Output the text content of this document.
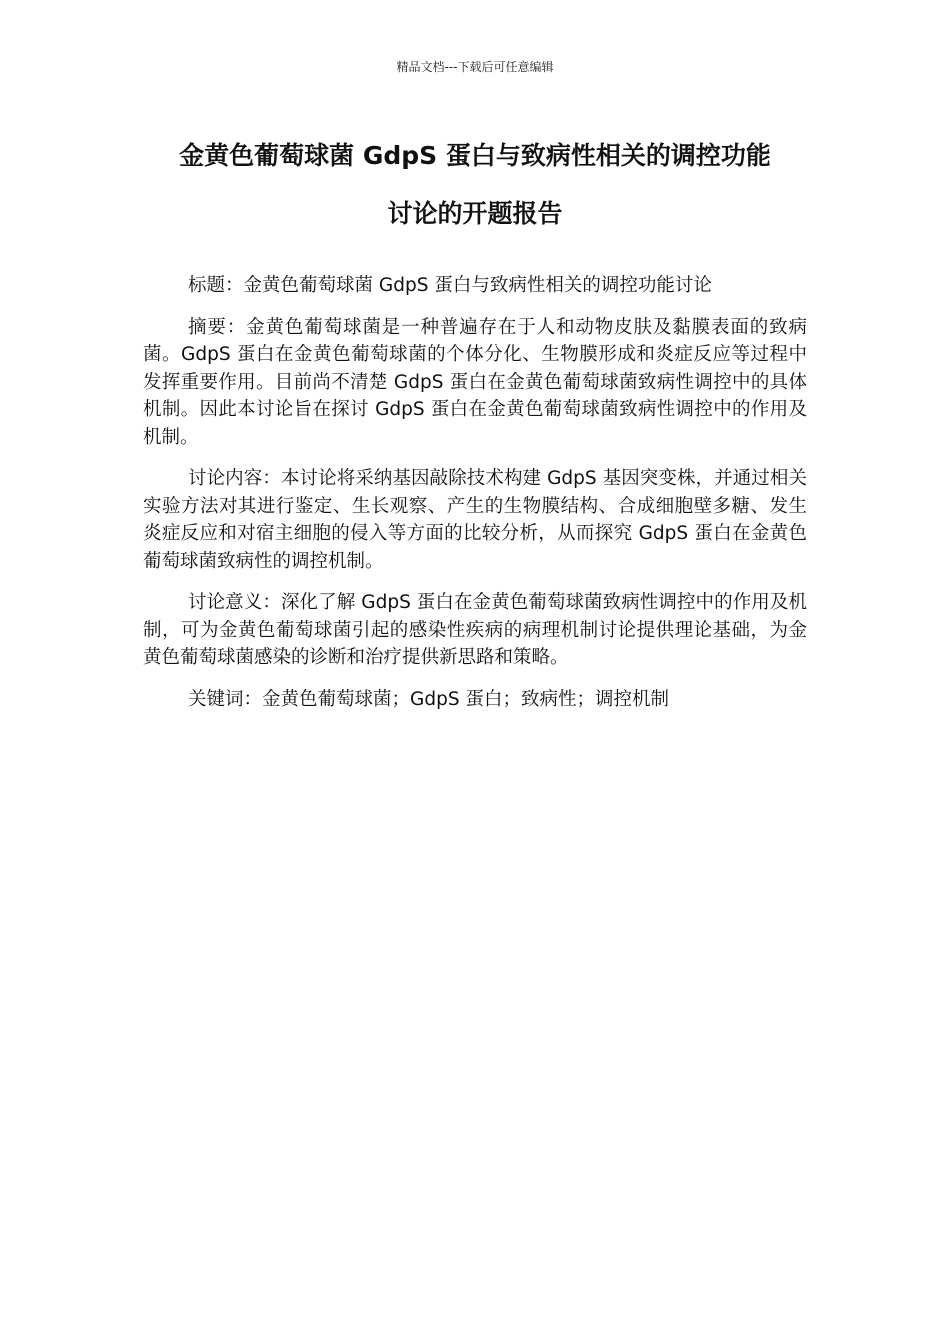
精品文档---下载后可任意编辑
金黄色葡萄球菌 GdpS 蛋白与致病性相关的调控功能
讨论的开题报告

标题：金黄色葡萄球菌 GdpS 蛋白与致病性相关的调控功能讨论

摘要：金黄色葡萄球菌是一种普遍存在于人和动物皮肤及黏膜表面的致病菌。GdpS 蛋白在金黄色葡萄球菌的个体分化、生物膜形成和炎症反应等过程中发挥重要作用。目前尚不清楚 GdpS 蛋白在金黄色葡萄球菌致病性调控中的具体机制。因此本讨论旨在探讨 GdpS 蛋白在金黄色葡萄球菌致病性调控中的作用及机制。

讨论内容：本讨论将采纳基因敲除技术构建 GdpS 基因突变株，并通过相关实验方法对其进行鉴定、生长观察、产生的生物膜结构、合成细胞壁多糖、发生炎症反应和对宿主细胞的侵入等方面的比较分析，从而探究 GdpS 蛋白在金黄色葡萄球菌致病性的调控机制。

讨论意义：深化了解 GdpS 蛋白在金黄色葡萄球菌致病性调控中的作用及机制，可为金黄色葡萄球菌引起的感染性疾病的病理机制讨论提供理论基础，为金黄色葡萄球菌感染的诊断和治疗提供新思路和策略。

关键词：金黄色葡萄球菌；GdpS 蛋白；致病性；调控机制
